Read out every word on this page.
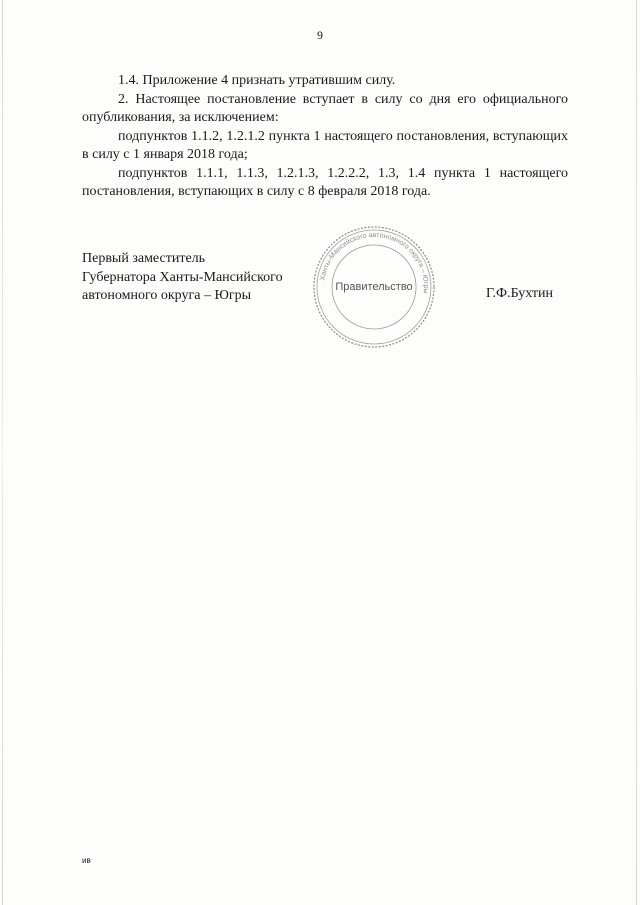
9

1.4. Приложение 4 признать утратившим силу.

2. Настоящее постановление вступает в силу со дня его официального опубликования, за исключением:

подпунктов 1.1.2, 1.2.1.2 пункта 1 настоящего постановления, вступающих в силу с 1 января 2018 года;

подпунктов 1.1.1, 1.1.3, 1.2.1.3, 1.2.2.2, 1.3, 1.4 пункта 1 настоящего постановления, вступающих в силу с 8 февраля 2018 года.

Первый заместитель
Губернатора Ханты-Мансийского
автономного округа – Югры
Ханты-Мансийского автономного округа – Югры
Правительство	Г.Ф.Бухтин
ив
